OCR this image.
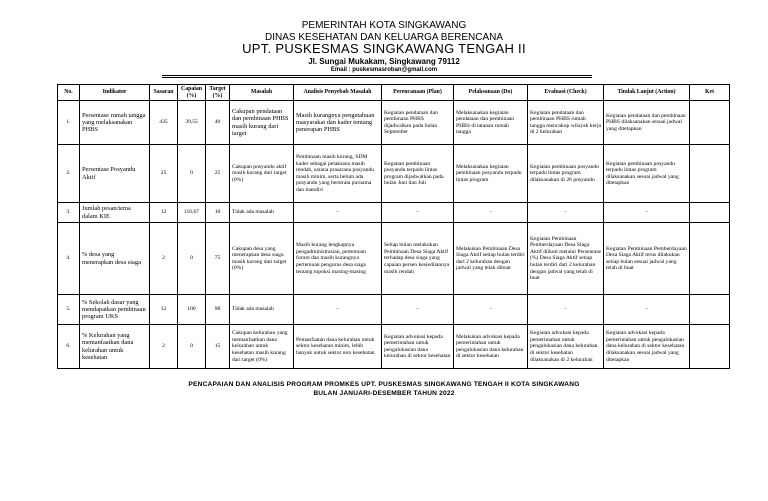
PEMERINTAH KOTA SINGKAWANG
DINAS KESEHATAN DAN KELUARGA BERENCANA
UPT. PUSKESMAS SINGKAWANG TENGAH II
Jl. Sungai Mukakam, Singkawang 79112
Email : puskesmasroban@gmail.com
No.	Indikator	Sasaran	Capaian (%)	Target (%)	Masalah	Analisis Penyebab Masalah	Perencanaan (Plan)	Pelaksanaan (Do)	Evaluasi (Check)	Tindak Lanjut (Action)	Ket
1.	Persentase rumah tangga yang melaksanakan PHBS	435	39,55	40	Cakupan pendataan dan pembinaan PHBS masih kurang dari target	Masih kurangnya pengetahuan masyarakat dan kader tentang penerapan PHBS	Kegiatan pendataan dan pembinaan PHBS dijadwalkan pada bulan September	Melaksanakan kegiatan pendataan dan pembinaan PHBS di tatanan rumah tangga	Kegiatan pendataan dan pembinaan PHBS rumah tangga mencakup wilayah kerja di 2 kelurahan	Kegiatan pendataan dan pembinaan PHBS dilaksanakan sesuai jadwal yang ditetapkan	
2.	Persentase Posyandu Aktif	25	0	25	Cakupan posyandu aktif masih kurang dari target (0%)	Pembinaan masih kurang, SDM kader sebagai pelaksana masih rendah, sarana prasarana posyandu masih minim, serta belum ada posyandu yang berstrata purnama dan mandiri	Kegiatan pembinaan posyandu terpadu lintas program dijadwalkan pada bulan Juni dan Juli	Melaksanakan kegiatan pembinaan posyandu terpadu lintas program	Kegiatan pembinaan posyandu terpadu lintas program dilaksanakan di 26 posyandu	Kegiatan pembinaan posyandu terpadu lintas program dilaksanakan sesuai jadwal yang ditetapkan	
3.	Jumlah pesan/tema dalam KIE	12	116,67	10	Tidak ada masalah	-	-	-	-	-	
4.	% desa yang menerapkan desa siaga	2	0	75	Cakupan desa yang menerapkan desa siaga masih kurang dari target (0%)	Masih kurang lengkapnya pengadministrasian, pertemuan forum dan masih kurangnya pertemuan pengurus desa siaga tentang tupoksi masing-masing	Setiap bulan melakukan Pembinaan Desa Siaga Aktif terhadap desa siaga yang capaian persen kesiedilannya masih rendah	Melakukan Pembinaan Desa Siaga Aktif setiap bulan terdiri dari 2 kelurahan dengan jadwal yang telah dibuat	Kegiatan Pembinaan Pemberdayaan Desa Siaga Aktif diikuti melalui Persentase (%) Desa Siaga Aktif setiap bulan terdiri dari 2 kelurahan dengan jadwal yang telah di buat	Kegiatan Pembinaan Pemberdayaan Desa Siaga Aktif terus dilakukan setiap bulan sesuai jadwal yang telah di buat	
5.	% Sekolah dasar yang mendapatkan pembinaan program UKS	12	100	98	Tidak ada masalah	-	-	-	-	-	
6.	% Kelurahan yang memanfaatkan dana kelurahan untuk kesehatan	2	0	15	Cakupan kelurahan yang memanfaatkan dana kelurahan untuk kesehatan masih kurang dari target (0%)	Pemanfaatan dana kelurahan untuk sektor kesehatan minim, lebih banyak untuk sektor non kesehatan	Kegiatan advokasi kepada pemerintahan untuk pengalokasian dana kelurahan di sektor kesehatan	Melakukan advokasi kepada pemerintahan untuk pengalokasian dana kelurahan di sektor kesehatan	Kegiatan advokasi kepada pemerintahan untuk pengalokasian dana kelurahan di sektor kesehatan dilaksanakan di 2 kelurahan	Kegiatan advokasi kepada pemerintahan untuk pengalokasian dana kelurahan di sektor kesehatan dilaksanakan sesuai jadwal yang ditetapkan	
PENCAPAIAN DAN ANALISIS PROGRAM PROMKES UPT. PUSKESMAS SINGKAWANG TENGAH II KOTA SINGKAWANG
BULAN JANUARI-DESEMBER TAHUN 2022
